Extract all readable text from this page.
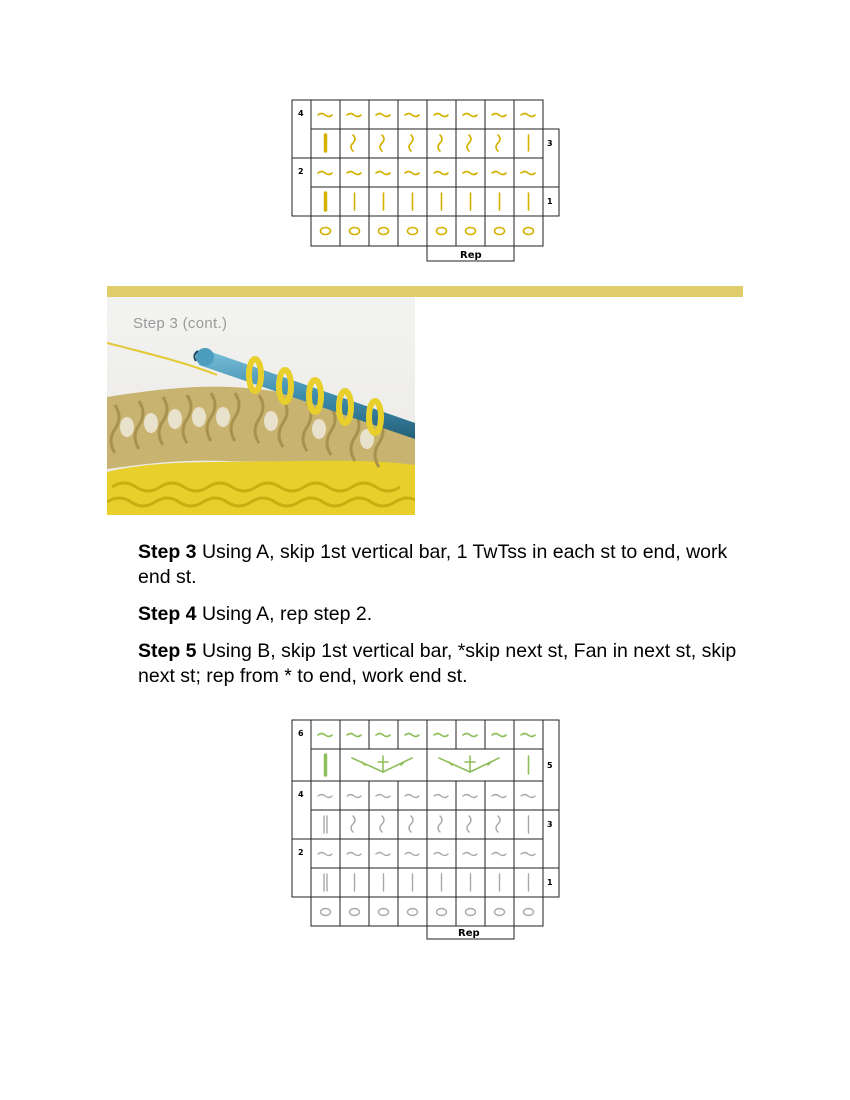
4
2
3
1
Rep
Step 3 (cont.)

Step 3 Using A, skip 1st vertical bar, 1 TwTss in each st to end, work end st.

Step 4 Using A, rep step 2.

Step 5 Using B, skip 1st vertical bar, *skip next st, Fan in next st, skip next st; rep from * to end, work end st.

6
4
2
5
3
1
Rep
